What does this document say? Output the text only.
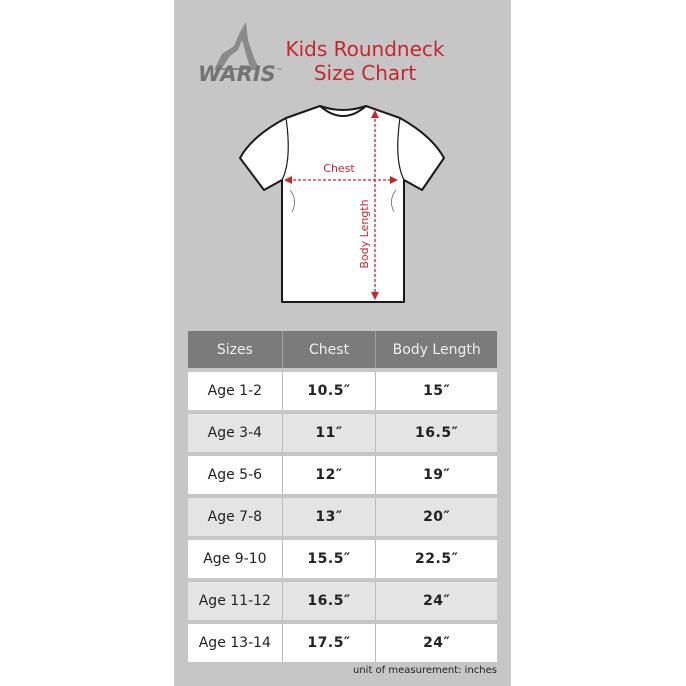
WARIS™
Kids Roundneck
Size Chart
Chest
Body Length
Sizes	Chest	Body Length
Age 1-2	10.5″	15″
Age 3-4	11″	16.5″
Age 5-6	12″	19″
Age 7-8	13″	20″
Age 9-10	15.5″	22.5″
Age 11-12	16.5″	24″
Age 13-14	17.5″	24″
unit of measurement: inches
